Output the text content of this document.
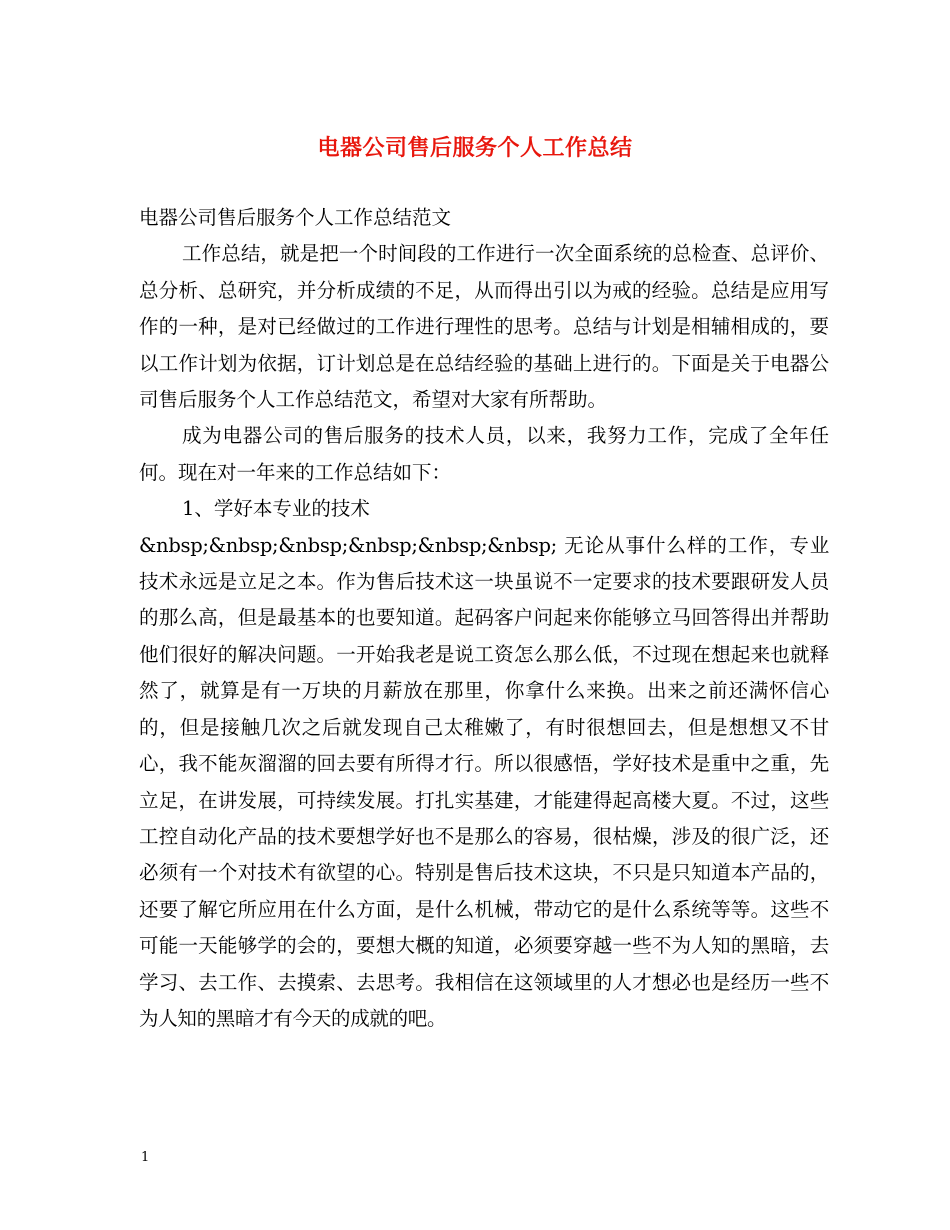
电器公司售后服务个人工作总结

电器公司售后服务个人工作总结范文

工作总结，就是把一个时间段的工作进行一次全面系统的总检查、总评价、总分析、总研究，并分析成绩的不足，从而得出引以为戒的经验。总结是应用写作的一种，是对已经做过的工作进行理性的思考。总结与计划是相辅相成的，要以工作计划为依据，订计划总是在总结经验的基础上进行的。下面是关于电器公司售后服务个人工作总结范文，希望对大家有所帮助。

成为电器公司的售后服务的技术人员，以来，我努力工作，完成了全年任何。现在对一年来的工作总结如下：

1、学好本专业的技术

&nbsp;&nbsp;&nbsp;&nbsp;&nbsp;&nbsp; 无论从事什么样的工作，专业技术永远是立足之本。作为售后技术这一块虽说不一定要求的技术要跟研发人员的那么高，但是最基本的也要知道。起码客户问起来你能够立马回答得出并帮助他们很好的解决问题。一开始我老是说工资怎么那么低，不过现在想起来也就释然了，就算是有一万块的月薪放在那里，你拿什么来换。出来之前还满怀信心的，但是接触几次之后就发现自己太稚嫩了，有时很想回去，但是想想又不甘心，我不能灰溜溜的回去要有所得才行。所以很感悟，学好技术是重中之重，先立足，在讲发展，可持续发展。打扎实基建，才能建得起高楼大夏。不过，这些工控自动化产品的技术要想学好也不是那么的容易，很枯燥，涉及的很广泛，还必须有一个对技术有欲望的心。特别是售后技术这块，不只是只知道本产品的，还要了解它所应用在什么方面，是什么机械，带动它的是什么系统等等。这些不可能一天能够学的会的，要想大概的知道，必须要穿越一些不为人知的黑暗，去学习、去工作、去摸索、去思考。我相信在这领域里的人才想必也是经历一些不为人知的黑暗才有今天的成就的吧。

1
